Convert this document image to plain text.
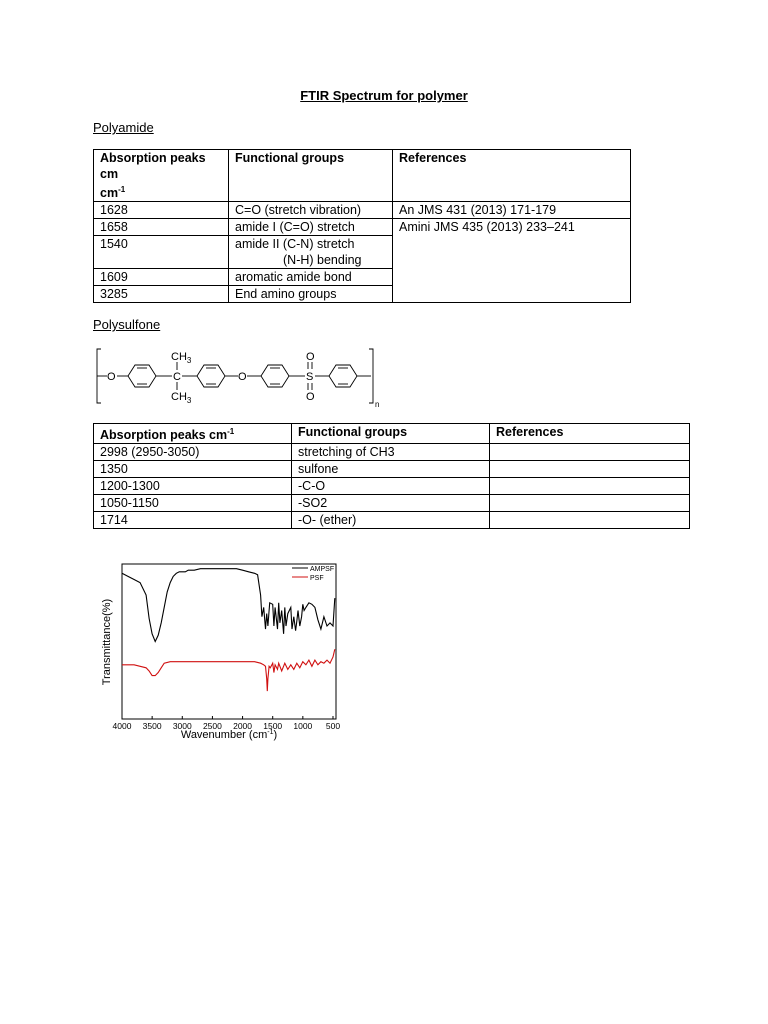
FTIR Spectrum for polymer
Polyamide
Absorption peaks cm
$cm^{-1}$	Functional groups	References
1628	C=O (stretch vibration)	An JMS 431 (2013) 171-179
1658	amide I (C=O) stretch	Amini JMS 435 (2013) 233–241
1540	amide II (C-N) stretch
(N-H) bending	
1609	aromatic amide bond	
3285	End amino groups	
Polysulfone
O	C
$CH_3$
$CH_3$
O	S
O
O
n
Absorption peaks $cm^{-1}$	Functional groups	References
2998 (2950-3050)	stretching of CH3	
1350	sulfone	
1200-1300	-C-O	
1050-1150	-SO2	
1714	-O- (ether)	
4000 3500 3000 2500 2000 1500 1000 500
AMPSF
PSF
Transmittance(%)
Wavenumber $(cm^{-1})$
